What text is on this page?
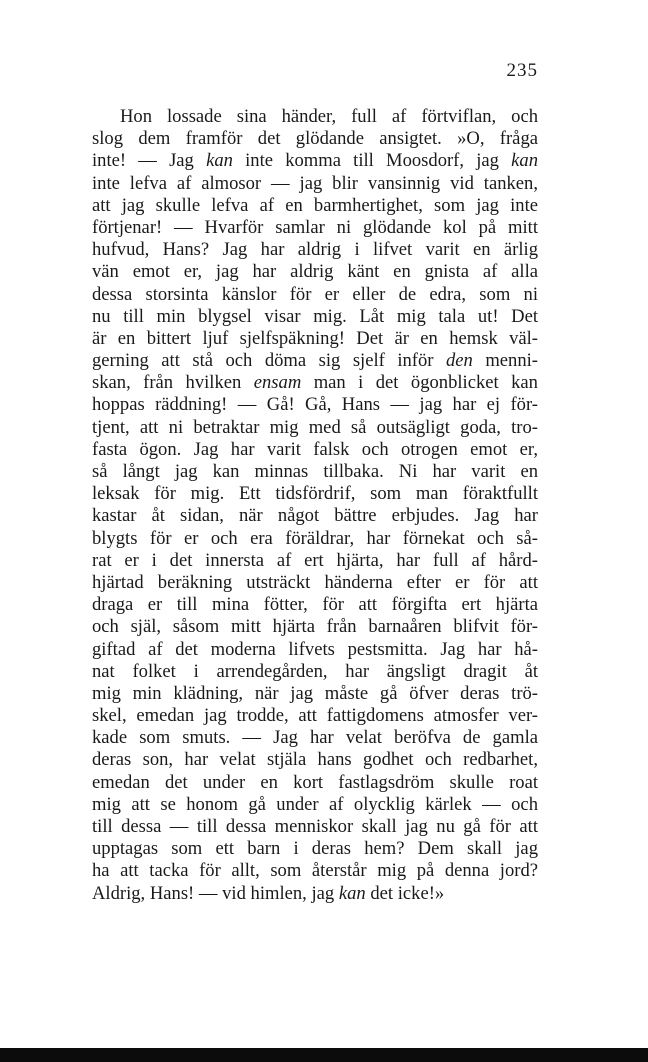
235
Hon lossade sina händer, full af förtviflan, och
slog dem framför det glödande ansigtet. »O, fråga
inte! — Jag kan inte komma till Moosdorf, jag kan
inte lefva af almosor — jag blir vansinnig vid tanken,
att jag skulle lefva af en barmhertighet, som jag inte
förtjenar! — Hvarför samlar ni glödande kol på mitt
hufvud, Hans? Jag har aldrig i lifvet varit en ärlig
vän emot er, jag har aldrig känt en gnista af alla
dessa storsinta känslor för er eller de edra, som ni
nu till min blygsel visar mig. Låt mig tala ut! Det
är en bittert ljuf sjelfspäkning! Det är en hemsk väl-
gerning att stå och döma sig sjelf inför den menni-
skan, från hvilken ensam man i det ögonblicket kan
hoppas räddning! — Gå! Gå, Hans — jag har ej för-
tjent, att ni betraktar mig med så outsägligt goda, tro-
fasta ögon. Jag har varit falsk och otrogen emot er,
så långt jag kan minnas tillbaka. Ni har varit en
leksak för mig. Ett tidsfördrif, som man föraktfullt
kastar åt sidan, när något bättre erbjudes. Jag har
blygts för er och era föräldrar, har förnekat och så-
rat er i det innersta af ert hjärta, har full af hård-
hjärtad beräkning utsträckt händerna efter er för att
draga er till mina fötter, för att förgifta ert hjärta
och själ, såsom mitt hjärta från barnaåren blifvit för-
giftad af det moderna lifvets pestsmitta. Jag har hå-
nat folket i arrendegården, har ängsligt dragit åt
mig min klädning, när jag måste gå öfver deras trö-
skel, emedan jag trodde, att fattigdomens atmosfer ver-
kade som smuts. — Jag har velat beröfva de gamla
deras son, har velat stjäla hans godhet och redbarhet,
emedan det under en kort fastlagsdröm skulle roat
mig att se honom gå under af olycklig kärlek — och
till dessa — till dessa menniskor skall jag nu gå för att
upptagas som ett barn i deras hem? Dem skall jag
ha att tacka för allt, som återstår mig på denna jord?
Aldrig, Hans! — vid himlen, jag kan det icke!»
